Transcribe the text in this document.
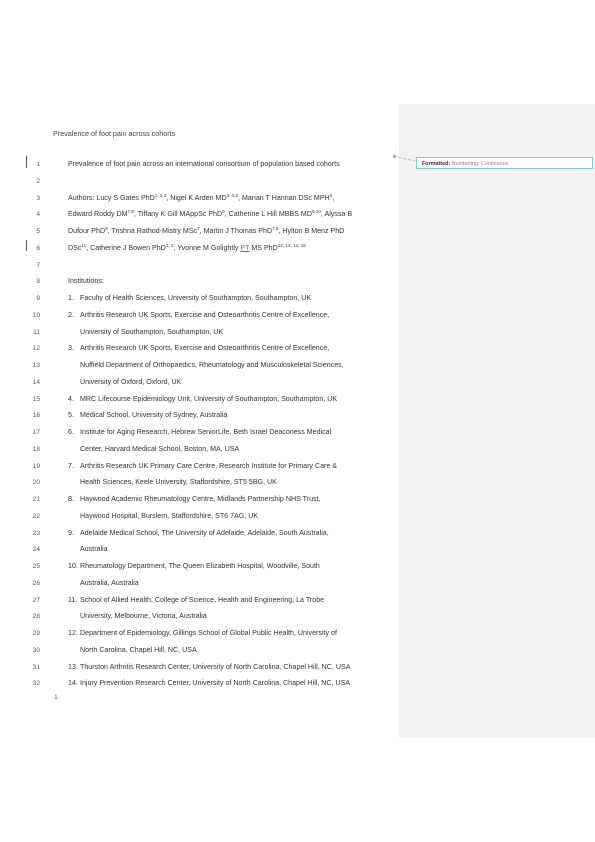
Prevalence of foot pain across cohorts
Formatted: Numbering: Continuous
1	Prevalence of foot pain across an international consortium of population based cohorts
2
3	Authors: Lucy S Gates PhD$^{1, 2,3}$, Nigel K Arden MD$^{3, 4,5}$, Marian T Hannan DSc MPH$^6$,
4	Edward Roddy DM$^{7,8}$, Tiffany K Gill MAppSc PhD$^9$, Catherine L Hill MBBS MD$^{9,10}$, Alyssa B
5	Dufour PhD$^6$, Trishna Rathod-Mistry MSc$^7$, Martin J Thomas PhD$^{7,8}$, Hylton B Menz PhD
6	DSc$^{11}$, Catherine J Bowen PhD$^{1, 2}$, Yvonne M Golightly PT MS PhD$^{12, 13, 14, 15}$
7
8	Institutions:
9	1. Faculty of Health Sciences, University of Southampton, Southampton, UK
10	2. Arthritis Research UK Sports, Exercise and Osteoarthritis Centre of Excellence,
11	University of Southampton, Southampton, UK
12	3. Arthritis Research UK Sports, Exercise and Osteoarthritis Centre of Excellence,
13	Nuffield Department of Orthopaedics, Rheumatology and Musculoskeletal Sciences,
14	University of Oxford, Oxford, UK
15	4. MRC Lifecourse Epidemiology Unit, University of Southampton, Southampton, UK
16	5. Medical School, University of Sydney, Australia
17	6. Institute for Aging Research, Hebrew SeniorLife, Beth Israel Deaconess Medical
18	Center, Harvard Medical School, Boston, MA, USA
19	7. Arthritis Research UK Primary Care Centre, Research Institute for Primary Care &
20	Health Sciences, Keele University, Staffordshire, ST5 5BG, UK
21	8. Haywood Academic Rheumatology Centre, Midlands Partnership NHS Trust,
22	Haywood Hospital, Burslem, Staffordshire, ST6 7AG, UK
23	9. Adelaide Medical School, The University of Adelaide, Adelaide, South Australia,
24	Australia
25	10. Rheumatology Department, The Queen Elizabeth Hospital, Woodville, South
26	Australia, Australia
27	11. School of Allied Health, College of Science, Health and Engineering, La Trobe
28	University, Melbourne, Victoria, Australia
29	12. Department of Epidemiology, Gillings School of Global Public Health, University of
30	North Carolina, Chapel Hill, NC, USA
31	13. Thurston Arthritis Research Center, University of North Carolina, Chapel Hill, NC, USA
32	14. Injury Prevention Research Center, University of North Carolina, Chapel Hill, NC, USA
1
